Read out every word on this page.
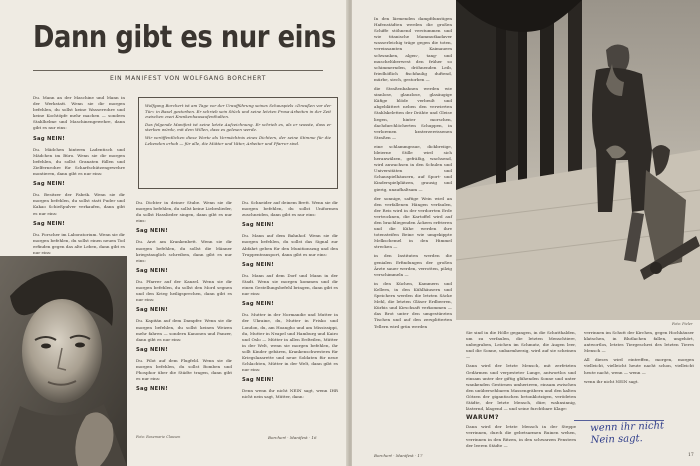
Dann gibt es nur eins
EIN MANIFEST VON WOLFGANG BORCHERT

Du. Mann an der Maschine und Mann in der Werkstatt. Wenn sie dir morgen befehlen, du sollst keine Wasserrohre und keine Kochtöpfe mehr machen — sondern Stahlhelme und Maschinengewehre, dann gibt es nur eins:

Sag NEIN!

Du. Mädchen hinterm Ladentisch und Mädchen im Büro. Wenn sie dir morgen befehlen, du sollst Granaten füllen und Zielfernrohre für Scharfschützengewehre montieren, dann gibt es nur eins:

Sag NEIN!

Du. Besitzer der Fabrik. Wenn sie dir morgen befehlen, du sollst statt Puder und Kakao Schießpulver verkaufen, dann gibt es nur eins:

Sag NEIN!

Du. Forscher im Laboratorium. Wenn sie dir morgen befehlen, du sollst einen neuen Tod erfinden gegen das alte Leben, dann gibt es nur eins:

Wolfgang Borchert ist am Tage vor der Uraufführung seines Schauspiels »Draußen vor der Tür« in Basel gestorben. Er schrieb sein Stück und seine letzten Prosa-Arbeiten in der Zeit zwischen zwei Krankenhausaufenthalten.

Das folgende Manifest ist seine letzte Aufzeichnung. Er schrieb es, als er wusste, dass er sterben würde, mit dem Willen, dass es gelesen werde.

Wir veröffentlichen diese Worte als Vermächtnis eines Dichters, der seine Stimme für die Lebenden erhob — für alle, die Mütter und Väter, Arbeiter und Pfarrer sind.

Du. Dichter in deiner Stube. Wenn sie dir morgen befehlen, du sollst keine Liebeslieder, du sollst Hasslieder singen, dann gibt es nur eins:

Sag NEIN!

Du. Arzt am Krankenbett. Wenn sie dir morgen befehlen, du sollst die Männer kriegstauglich schreiben, dann gibt es nur eins:

Sag NEIN!

Du. Pfarrer auf der Kanzel. Wenn sie dir morgen befehlen, du sollst den Mord segnen und den Krieg heiligsprechen, dann gibt es nur eins:

Sag NEIN!

Du. Kapitän auf dem Dampfer. Wenn sie dir morgen befehlen, du sollst keinen Weizen mehr fahren — sondern Kanonen und Panzer, dann gibt es nur eins:

Sag NEIN!

Du. Pilot auf dem Flugfeld. Wenn sie dir morgen befehlen, du sollst Bomben und Phosphor über die Städte tragen, dann gibt es nur eins:

Sag NEIN!

Du. Schneider auf deinem Brett. Wenn sie dir morgen befehlen, du sollst Uniformen zuschneiden, dann gibt es nur eins:

Sag NEIN!

Du. Mann auf dem Bahnhof. Wenn sie dir morgen befehlen, du sollst das Signal zur Abfahrt geben für den Munitionszug und den Truppentransport, dann gibt es nur eins:

Sag NEIN!

Du. Mann auf dem Dorf und Mann in der Stadt. Wenn sie morgen kommen und dir einen Gestellungsbefehl bringen, dann gibt es nur eins:

Sag NEIN!

Du. Mutter in der Normandie und Mutter in der Ukraine, du, Mutter in Frisko und London, du, am Hoangho und am Mississippi, du, Mutter in Neapel und Hamburg und Kairo und Oslo — Mütter in allen Erdteilen, Mütter in der Welt, wenn sie morgen befehlen, ihr sollt Kinder gebären, Krankenschwestern für Kriegslazarette und neue Soldaten für neue Schlachten, Mütter in der Welt, dann gibt es nur eins:

Sag NEIN!

Denn wenn ihr nicht NEIN sagt, wenn IHR nicht nein sagt, Mütter, dann:

Foto: Rosemarie Clausen	Borchert · Manifest · 16

In den lärmenden dampfdunstigen Hafenstädten werden die großen Schiffe stöhnend verstummen und wie titanische Mammutkadaver wasserleichig träge gegen die toten, vereinsamten Kaimauern schwanken, algen-, tang- und muschelüberwest den früher so schimmernden, dröhnenden Leib, friedhöflich fischfaulig duftend, mürbe, siech, gestorben —

die Straßenbahnen werden wie sinnlose, glanzlose, glasäugige Käfige blöde verbeult und abgeblättert neben den verwirrten Stahlskeletten der Drähte und Gleise liegen, hinter morschen, dachdurchlöcherten Schuppen, in verlorenen kraterzerrissenen Straßen —

eine schlammgraue, dickbreiige, bleierne Stille wird sich heranwälzen, gefräßig, wachsend, wird anwachsen in den Schulen und Universitäten und Schauspielhäusern, auf Sport- und Kinderspielplätzen, grausig und gierig, unaufhaltsam —

der sonnige, saftige Wein wird an den verfallenen Hängen verfaulen, der Reis wird in der verdorrten Erde vertrocknen, die Kartoffel wird auf den brachliegenden Äckern erfrieren und die Kühe werden ihre totensteifen Beine wie umgekippte Melkschemel in den Himmel strecken —

in den Instituten werden die genialen Erfindungen der großen Ärzte sauer werden, verrotten, pilzig verschimmeln —

in den Küchen, Kammern und Kellern, in den Kühlhäusern und Speichern werden die letzten Säcke Mehl, die letzten Gläser Erdbeeren, Kürbis und Kirschsaft verkommen — das Brot unter den umgestürzten Tischen und auf den zersplitterten Tellern wird grün werden	Foto: Pieler

Sie sind in die Hölle gegangen, in die Schutthalden, um zu verfaulen, die letzten Menschtiere, unbegraben, Leichen im Schmutz, die Augen leer, und die Sonne, unbarmherzig, wird auf sie scheinen —

Dann wird der letzte Mensch, mit zerfetzten Gedärmen und verpesteter Lunge, antwortlos und einsam unter der giftig glühenden Sonne und unter wankenden Gestirnen umherirren, einsam zwischen den unübersehbaren Massengräbern und den kalten Götzen der gigantischen betonklotzigen, verödeten Städte, der letzte Mensch, dürr, wahnsinnig, lästernd, klagend — und seine furchtbare Klage:

WARUM?

Dann wird der letzte Mensch in der Steppe verrinnen, durch die gebetsarmen Ruinen wehen, verrinnen in den Ritzen, in den schwarzen Fenstern der leeren Städte —

verrinnen im Schutt der Kirchen, gegen Hochhäuser klatschen, in Blutlachen fallen, ungehört, antwortlos, letztes Tiergeschrei des letzten Tieres Mensch —

All dieses wird eintreffen, morgen, morgen vielleicht, vielleicht heute nacht schon, vielleicht heute nacht, wenn — wenn —

wenn ihr nicht NEIN sagt.

Borchert · Manifest · 17	17
wenn ihr nicht
Nein sagt.
